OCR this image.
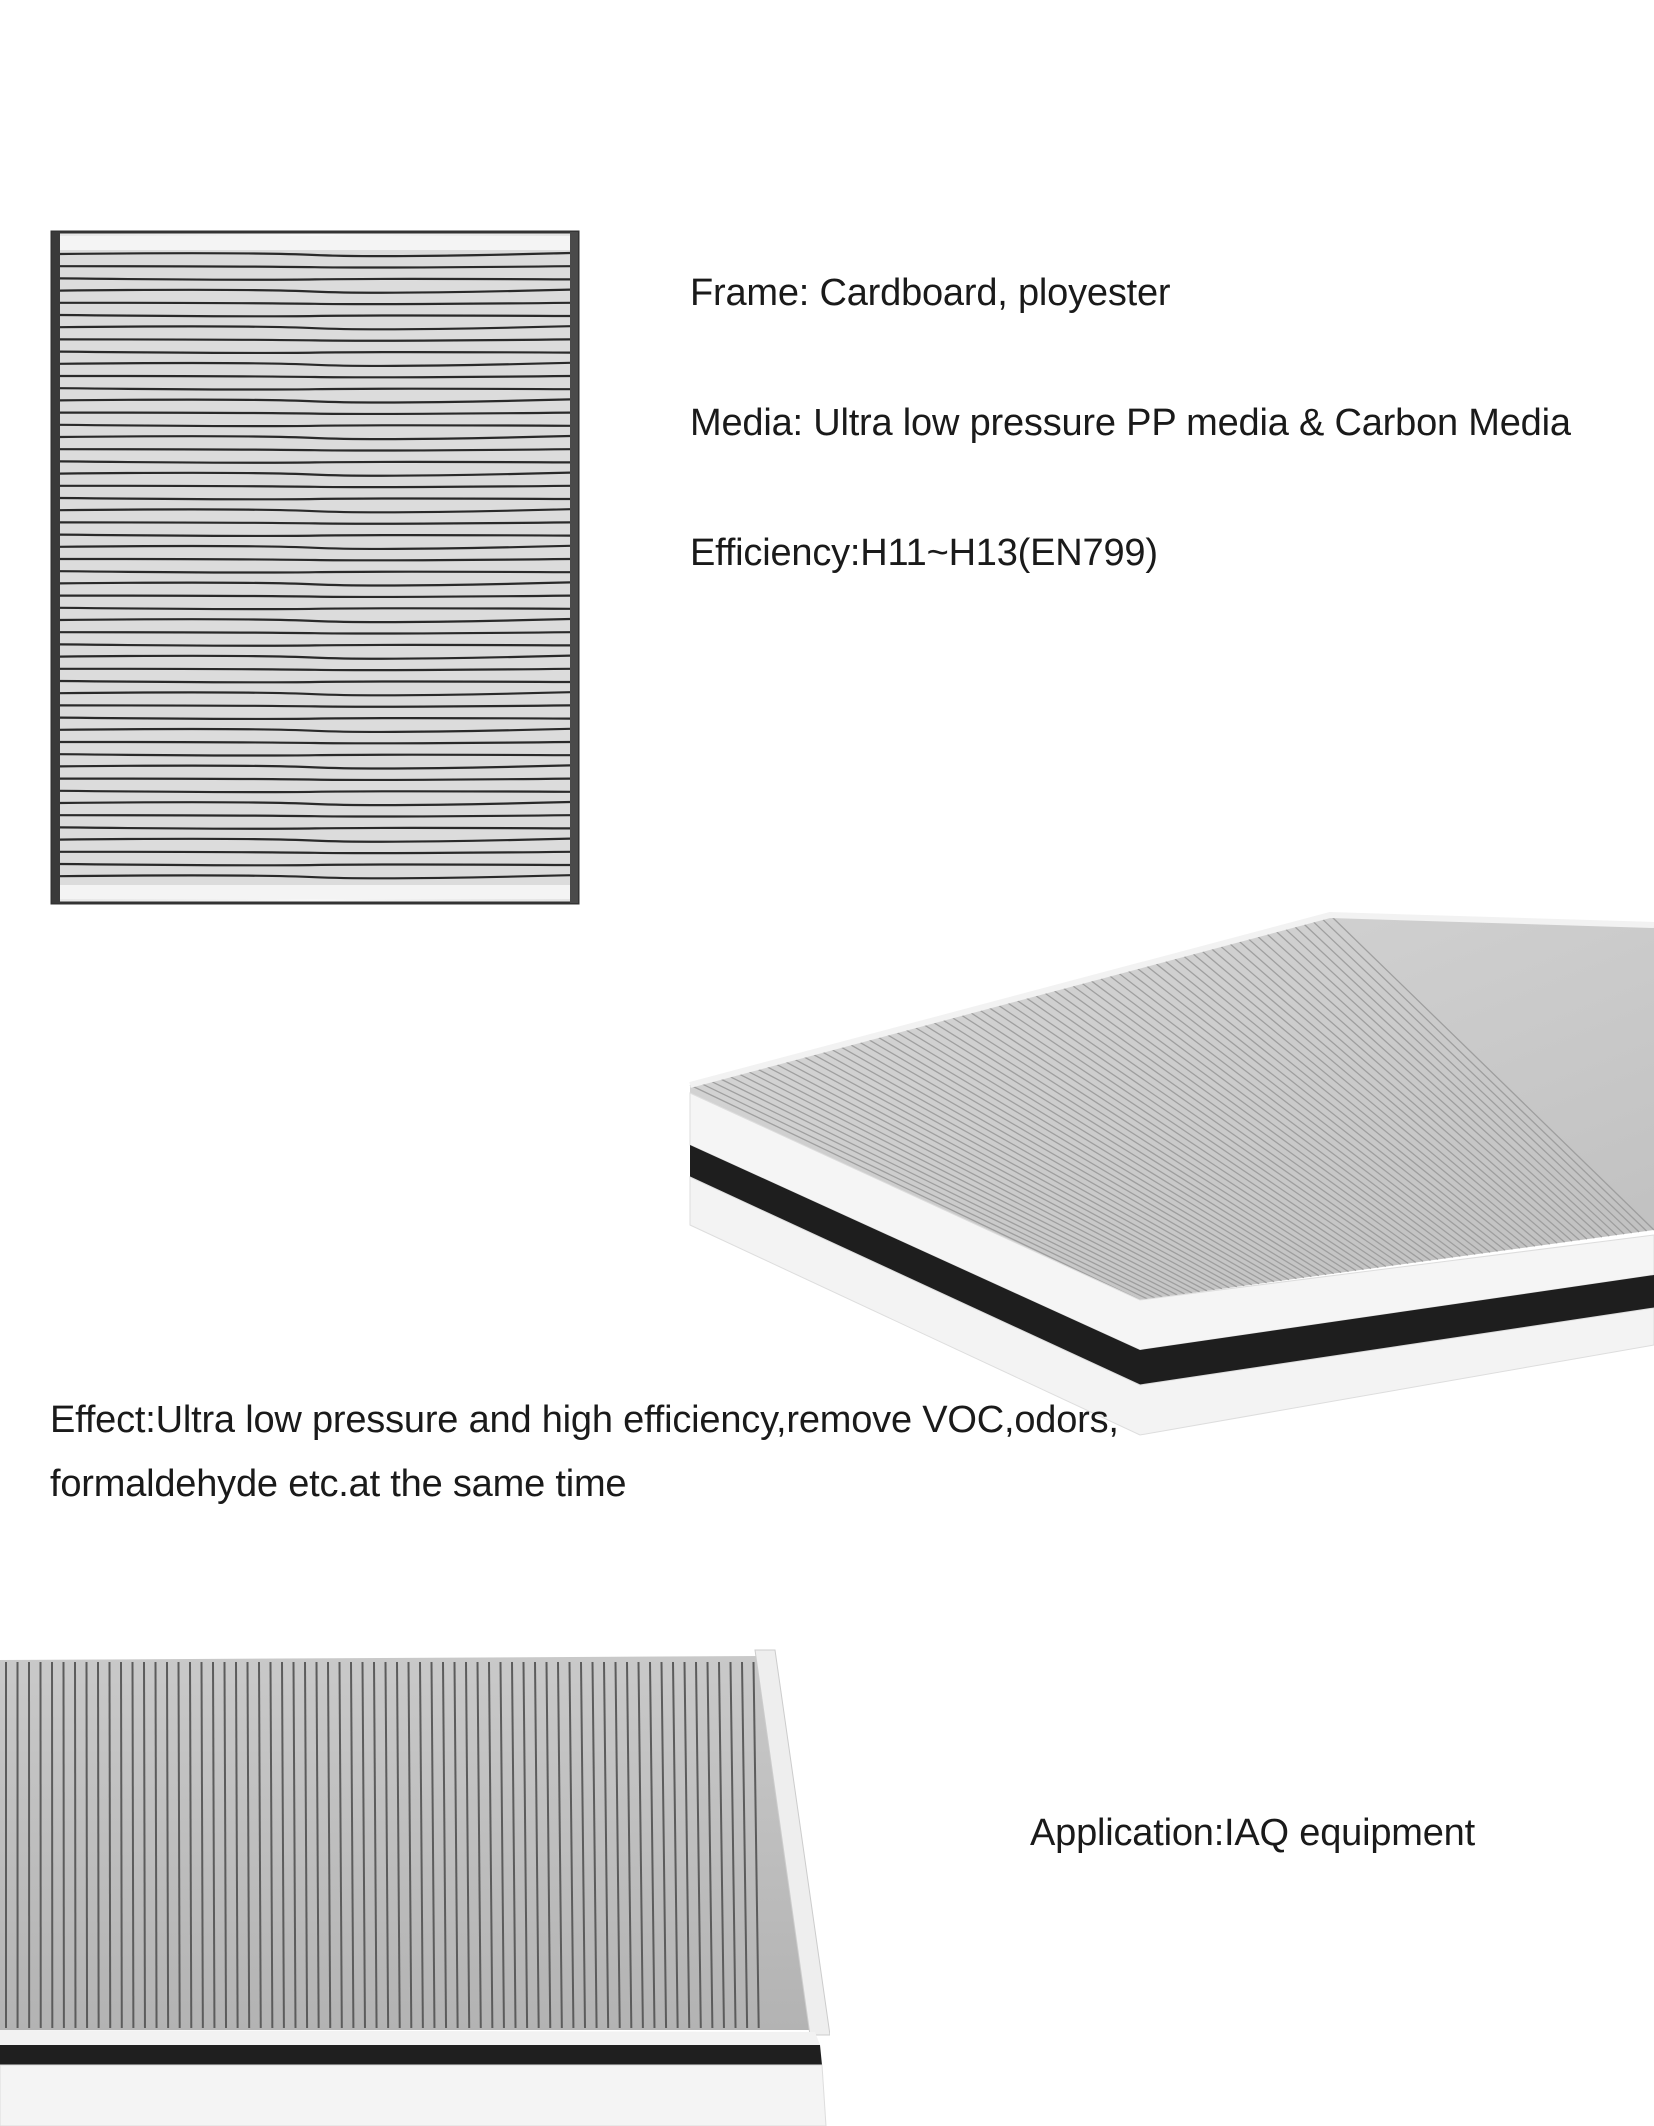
Frame: Cardboard, ployester
Media: Ultra low pressure PP media & Carbon Media
Efficiency:H11~H13(EN799)
Effect:Ultra low pressure and high efficiency,remove VOC,odors,
formaldehyde etc.at the same time
Application:IAQ equipment
